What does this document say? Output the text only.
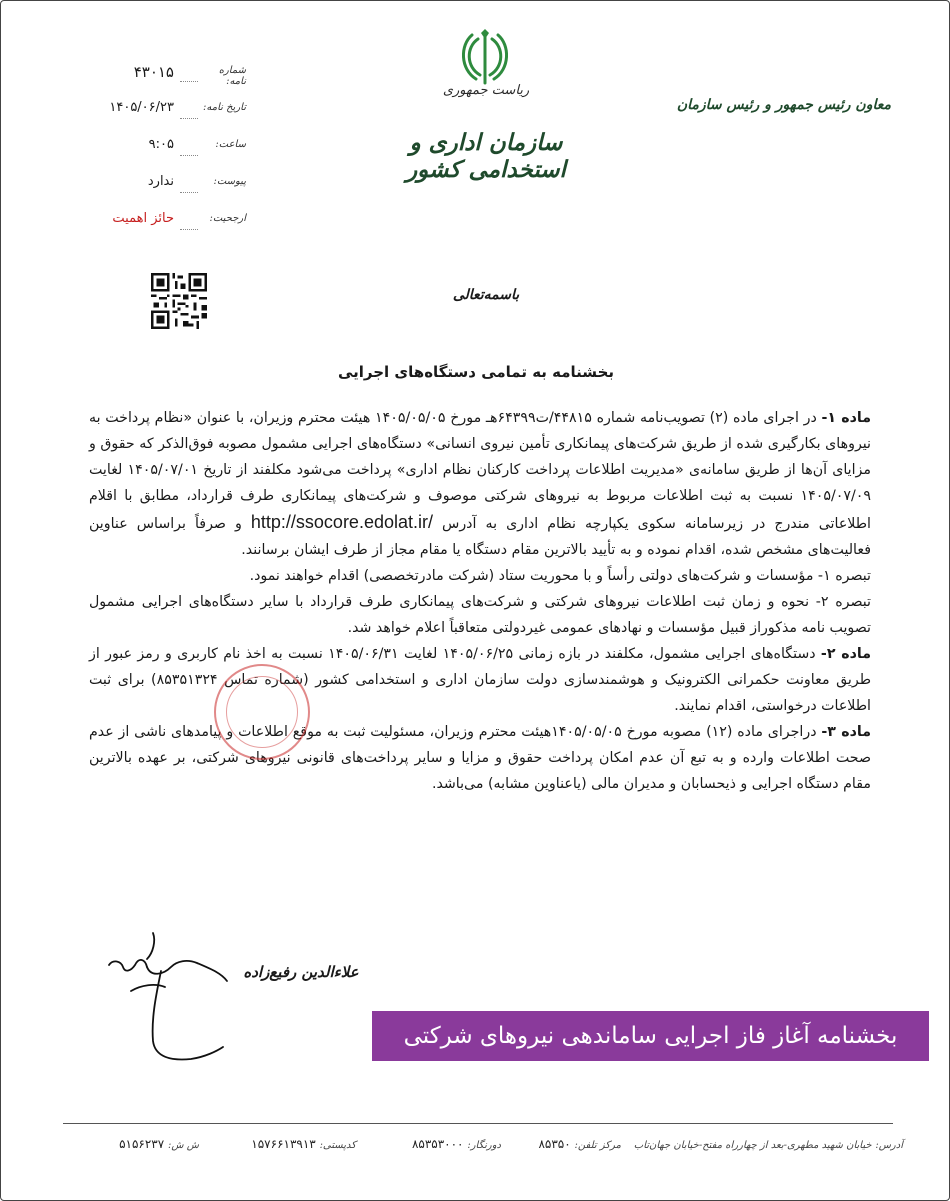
ریاست جمهوری
سازمان اداری و استخدامی کشور
معاون رئیس جمهور و رئیس سازمان
شماره نامه:
۴۳۰۱۵
تاریخ نامه:
۱۴۰۵/۰۶/۲۳
ساعت:
۹:۰۵
پیوست:
ندارد
ارجحیت:
حائز اهمیت
باسمه‌تعالی
بخشنامه به تمامی دستگاه‌های اجرایی

ماده ۱- در اجرای ماده (۲) تصویب‌نامه شماره ۴۴۸۱۵/ت۶۴۳۹۹هـ مورخ ۱۴۰۵/۰۵/۰۵ هیئت محترم وزیران، با عنوان «نظام پرداخت به نیروهای بکارگیری شده از طریق شرکت‌های پیمانکاری تأمین نیروی انسانی» دستگاه‌های اجرایی مشمول مصوبه فوق‌الذکر که حقوق و مزایای آن‌ها از طریق سامانه‌ی «مدیریت اطلاعات پرداخت کارکنان نظام اداری» پرداخت می‌شود مکلفند از تاریخ ۱۴۰۵/۰۷/۰۱ لغایت ۱۴۰۵/۰۷/۰۹ نسبت به ثبت اطلاعات مربوط به نیروهای شرکتی موصوف و شرکت‌های پیمانکاری طرف قرارداد، مطابق با اقلام اطلاعاتی مندرج در زیرسامانه سکوی یکپارچه نظام اداری به آدرس http://ssocore.edolat.ir/ و صرفاً براساس عناوین فعالیت‌های مشخص شده، اقدام نموده و به تأیید بالاترین مقام دستگاه یا مقام مجاز از طرف ایشان برسانند.

تبصره ۱- مؤسسات و شرکت‌های دولتی رأساً و با محوریت ستاد (شرکت مادرتخصصی) اقدام خواهند نمود.

تبصره ۲- نحوه و زمان ثبت اطلاعات نیروهای شرکتی و شرکت‌های پیمانکاری طرف قرارداد با سایر دستگاه‌های اجرایی مشمول تصویب نامه مذکوراز قبیل مؤسسات و نهادهای عمومی غیردولتی متعاقباً اعلام خواهد شد.

ماده ۲- دستگاه‌های اجرایی مشمول، مکلفند در بازه زمانی ۱۴۰۵/۰۶/۲۵ لغایت ۱۴۰۵/۰۶/۳۱ نسبت به اخذ نام کاربری و رمز عبور از طریق معاونت حکمرانی الکترونیک و هوشمندسازی دولت سازمان اداری و استخدامی کشور (شماره تماس ۸۵۳۵۱۳۲۴) برای ثبت اطلاعات درخواستی، اقدام نمایند.

ماده ۳- دراجرای ماده (۱۲) مصوبه مورخ ۱۴۰۵/۰۵/۰۵هیئت محترم وزیران، مسئولیت ثبت به موقع اطلاعات و پیامدهای ناشی از عدم صحت اطلاعات وارده و به تبع آن عدم امکان پرداخت حقوق و مزایا و سایر پرداخت‌های قانونی نیروهای شرکتی، بر عهده بالاترین مقام دستگاه اجرایی و ذیحسابان و مدیران مالی (یاعناوین مشابه) می‌باشد.

علاءالدین رفیع‌زاده
بخشنامه آغاز فاز اجرایی ساماندهی نیروهای شرکتی
آدرس: خیابان شهید مطهری-بعد از چهارراه مفتح-خیابان جهان‌تاب
مرکز تلفن: ۸۵۳۵۰
دورنگار: ۸۵۳۵۳۰۰۰
کدپستی: ۱۵۷۶۶۱۳۹۱۳
ش ش: ۵۱۵۶۲۳۷
